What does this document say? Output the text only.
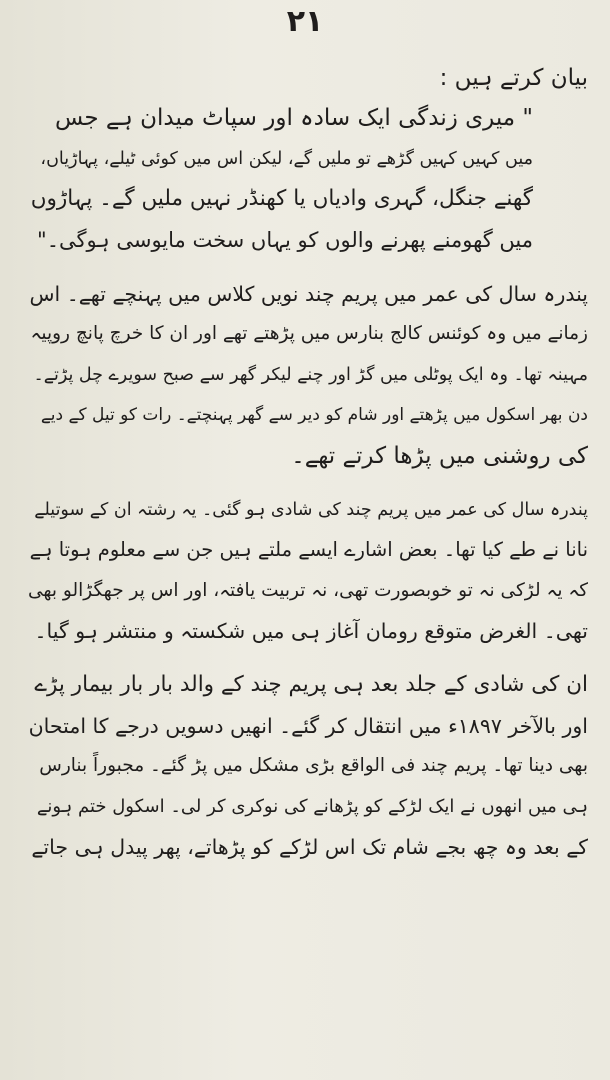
۲۱
بیان کرتے ہیں :
" میری زندگی ایک سادہ اور سپاٹ میدان ہے جس
میں کہیں کہیں گڑھے تو ملیں گے، لیکن اس میں کوئی ٹیلے، پہاڑیاں،
گھنے جنگل، گہری وادیاں یا کھنڈر نہیں ملیں گے۔ پہاڑوں
میں گھومنے پھرنے والوں کو یہاں سخت مایوسی ہوگی۔"
پندرہ سال کی عمر میں پریم چند نویں کلاس میں پہنچے تھے۔ اس
زمانے میں وہ کوئنس کالج بنارس میں پڑھتے تھے اور ان کا خرچ پانچ روپیہ
مہینہ تھا۔ وہ ایک پوٹلی میں گڑ اور چنے لیکر گھر سے صبح سویرے چل پڑتے۔
دن بھر اسکول میں پڑھتے اور شام کو دیر سے گھر پہنچتے۔ رات کو تیل کے دیے
کی روشنی میں پڑھا کرتے تھے۔
پندرہ سال کی عمر میں پریم چند کی شادی ہو گئی۔ یہ رشتہ ان کے سوتیلے
نانا نے طے کیا تھا۔ بعض اشارے ایسے ملتے ہیں جن سے معلوم ہوتا ہے
کہ یہ لڑکی نہ تو خوبصورت تھی، نہ تربیت یافتہ، اور اس پر جھگڑالو بھی
تھی۔ الغرض متوقع رومان آغاز ہی میں شکستہ و منتشر ہو گیا۔
ان کی شادی کے جلد بعد ہی پریم چند کے والد بار بار بیمار پڑے
اور بالآخر ۱۸۹۷ء میں انتقال کر گئے۔ انھیں دسویں درجے کا امتحان
بھی دینا تھا۔ پریم چند فی الواقع بڑی مشکل میں پڑ گئے۔ مجبوراً بنارس
ہی میں انھوں نے ایک لڑکے کو پڑھانے کی نوکری کر لی۔ اسکول ختم ہونے
کے بعد وہ چھ بجے شام تک اس لڑکے کو پڑھاتے، پھر پیدل ہی جاتے
